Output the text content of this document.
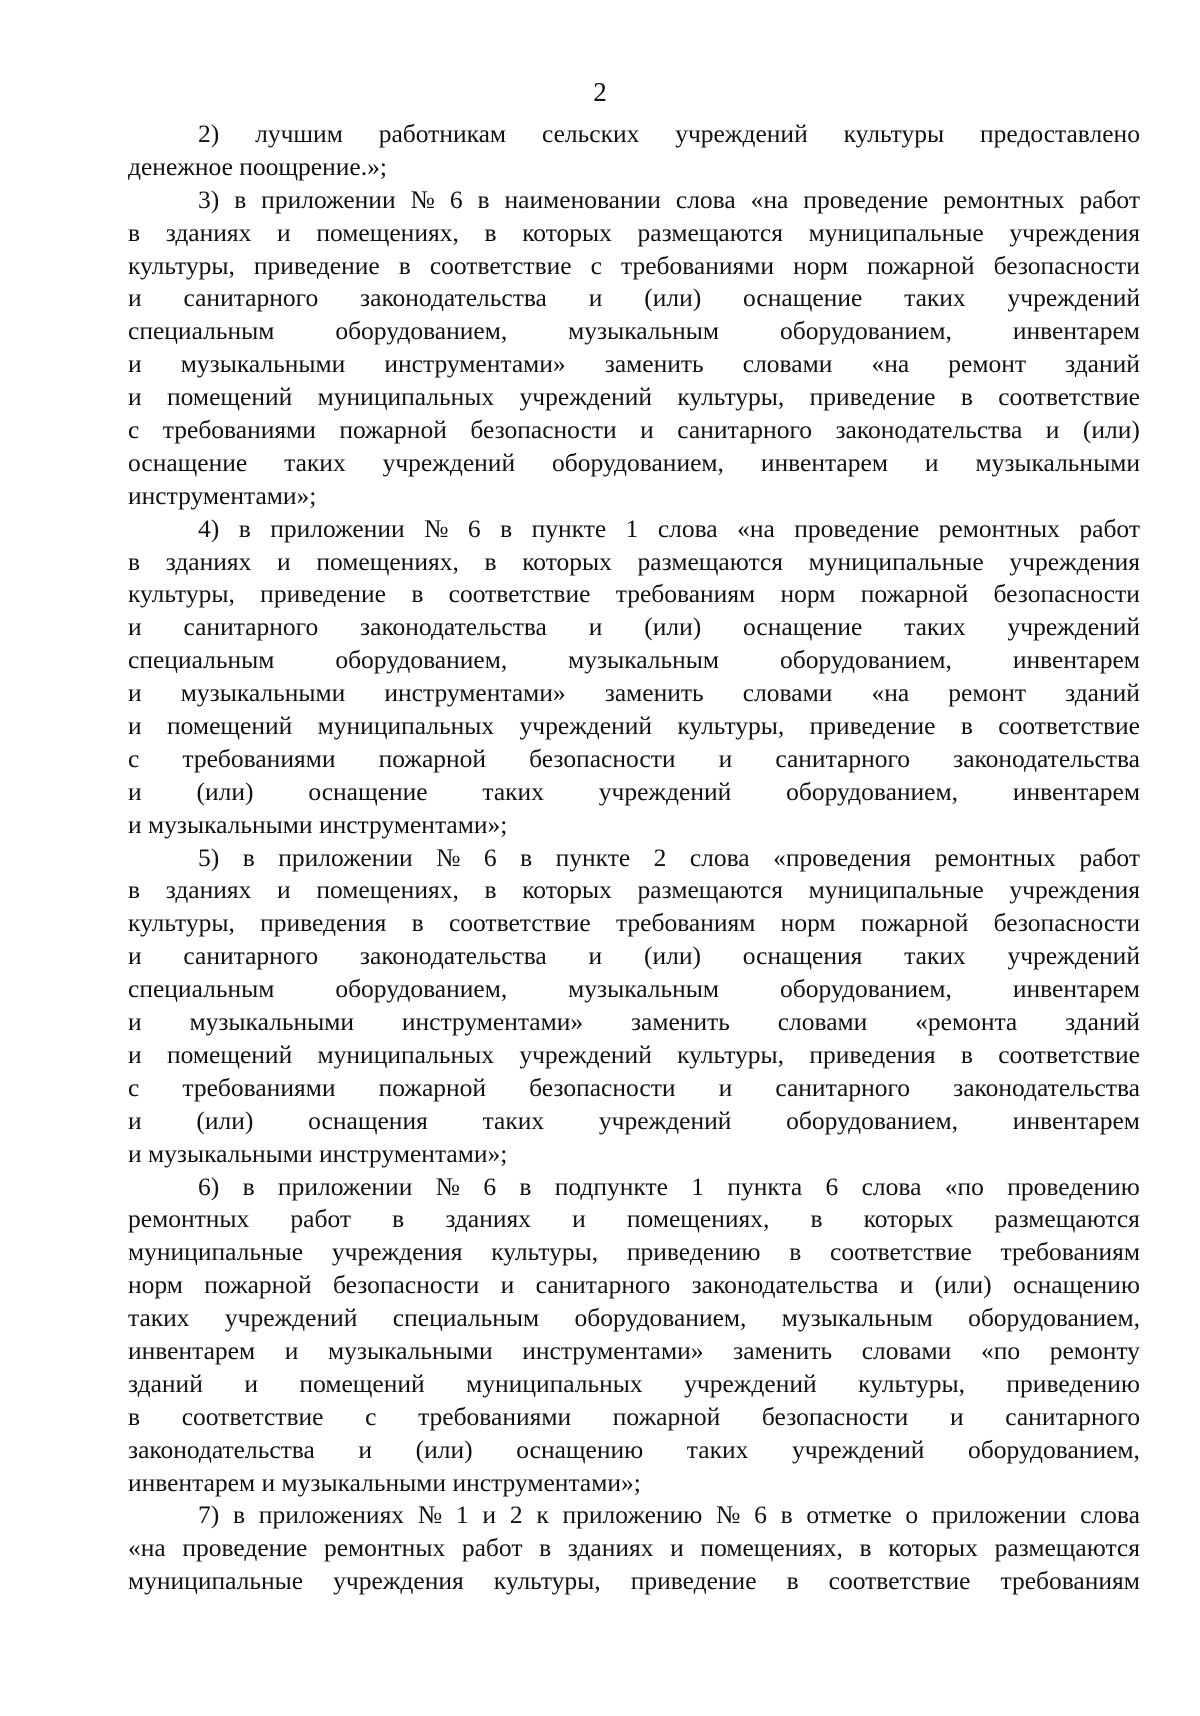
2
2) лучшим работникам сельских учреждений культуры предоставлено
денежное поощрение.»;
3) в приложении № 6 в наименовании слова «на проведение ремонтных работ
в зданиях и помещениях, в которых размещаются муниципальные учреждения
культуры, приведение в соответствие с требованиями норм пожарной безопасности
и санитарного законодательства и (или) оснащение таких учреждений
специальным оборудованием, музыкальным оборудованием, инвентарем
и музыкальными инструментами» заменить словами «на ремонт зданий
и помещений муниципальных учреждений культуры, приведение в соответствие
с требованиями пожарной безопасности и санитарного законодательства и (или)
оснащение таких учреждений оборудованием, инвентарем и музыкальными
инструментами»;
4) в приложении № 6 в пункте 1 слова «на проведение ремонтных работ
в зданиях и помещениях, в которых размещаются муниципальные учреждения
культуры, приведение в соответствие требованиям норм пожарной безопасности
и санитарного законодательства и (или) оснащение таких учреждений
специальным оборудованием, музыкальным оборудованием, инвентарем
и музыкальными инструментами» заменить словами «на ремонт зданий
и помещений муниципальных учреждений культуры, приведение в соответствие
с требованиями пожарной безопасности и санитарного законодательства
и (или) оснащение таких учреждений оборудованием, инвентарем
и музыкальными инструментами»;
5) в приложении № 6 в пункте 2 слова «проведения ремонтных работ
в зданиях и помещениях, в которых размещаются муниципальные учреждения
культуры, приведения в соответствие требованиям норм пожарной безопасности
и санитарного законодательства и (или) оснащения таких учреждений
специальным оборудованием, музыкальным оборудованием, инвентарем
и музыкальными инструментами» заменить словами «ремонта зданий
и помещений муниципальных учреждений культуры, приведения в соответствие
с требованиями пожарной безопасности и санитарного законодательства
и (или) оснащения таких учреждений оборудованием, инвентарем
и музыкальными инструментами»;
6) в приложении № 6 в подпункте 1 пункта 6 слова «по проведению
ремонтных работ в зданиях и помещениях, в которых размещаются
муниципальные учреждения культуры, приведению в соответствие требованиям
норм пожарной безопасности и санитарного законодательства и (или) оснащению
таких учреждений специальным оборудованием, музыкальным оборудованием,
инвентарем и музыкальными инструментами» заменить словами «по ремонту
зданий и помещений муниципальных учреждений культуры, приведению
в соответствие с требованиями пожарной безопасности и санитарного
законодательства и (или) оснащению таких учреждений оборудованием,
инвентарем и музыкальными инструментами»;
7) в приложениях № 1 и 2 к приложению № 6 в отметке о приложении слова
«на проведение ремонтных работ в зданиях и помещениях, в которых размещаются
муниципальные учреждения культуры, приведение в соответствие требованиям
